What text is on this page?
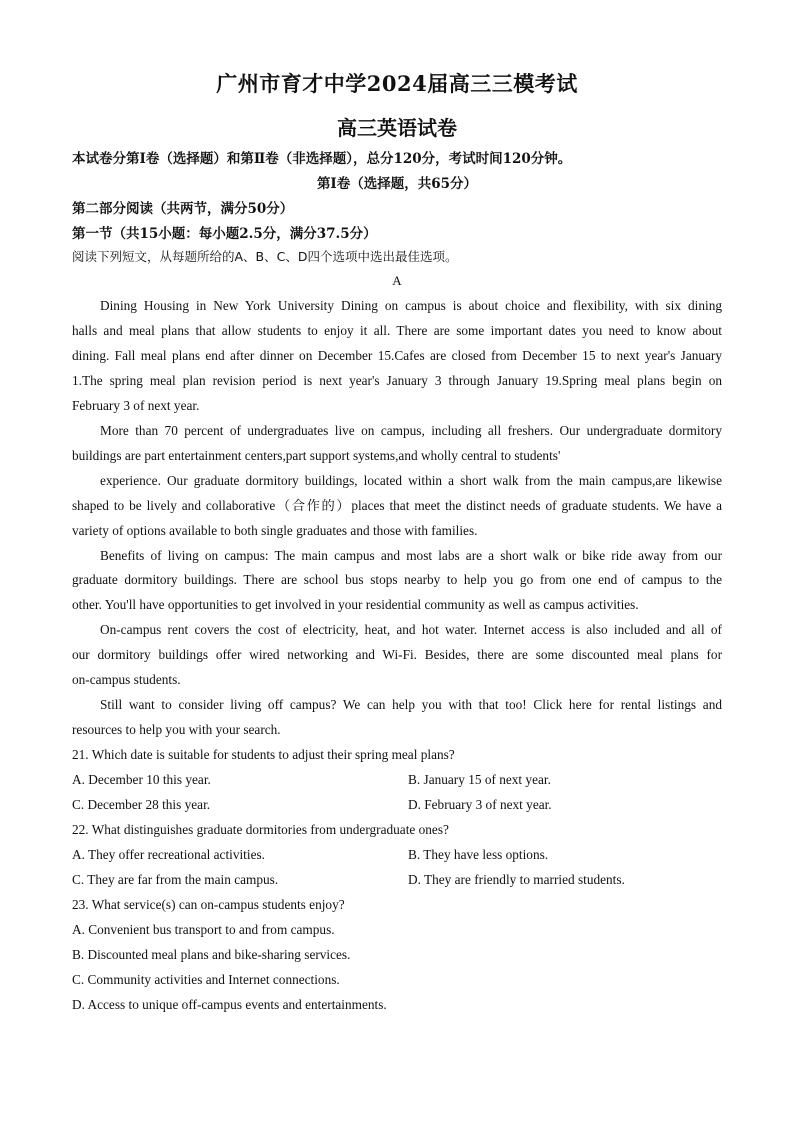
广州市育才中学2024届高三三模考试
高三英语试卷
本试卷分第Ⅰ卷（选择题）和第Ⅱ卷（非选择题），总分120分，考试时间120分钟。
第Ⅰ卷（选择题，共65分）
第二部分阅读（共两节，满分50分）
第一节（共15小题：每小题2.5分，满分37.5分）
阅读下列短文，从每题所给的A、B、C、D四个选项中选出最佳选项。
A
Dining Housing in New York University Dining on campus is about choice and flexibility, with six dining
halls and meal plans that allow students to enjoy it all. There are some important dates you need to know about
dining. Fall meal plans end after dinner on December 15.Cafes are closed from December 15 to next year's January
1.The spring meal plan revision period is next year's January 3 through January 19.Spring meal plans begin on
February 3 of next year.
More than 70 percent of undergraduates live on campus, including all freshers. Our undergraduate dormitory
buildings are part entertainment centers,part support systems,and wholly central to students'
experience. Our graduate dormitory buildings, located within a short walk from the main campus,are likewise
shaped to be lively and collaborative（合作的）places that meet the distinct needs of graduate students. We have a
variety of options available to both single graduates and those with families.
Benefits of living on campus: The main campus and most labs are a short walk or bike ride away from our
graduate dormitory buildings. There are school bus stops nearby to help you go from one end of campus to the
other. You'll have opportunities to get involved in your residential community as well as campus activities.
On-campus rent covers the cost of electricity, heat, and hot water. Internet access is also included and all of
our dormitory buildings offer wired networking and Wi-Fi. Besides, there are some discounted meal plans for
on-campus students.
Still want to consider living off campus? We can help you with that too! Click here for rental listings and
resources to help you with your search.
21. Which date is suitable for students to adjust their spring meal plans?
A. December 10 this year.	B. January 15 of next year.
C. December 28 this year.	D. February 3 of next year.
22. What distinguishes graduate dormitories from undergraduate ones?
A. They offer recreational activities.	B. They have less options.
C. They are far from the main campus.	D. They are friendly to married students.
23. What service(s) can on-campus students enjoy?
A. Convenient bus transport to and from campus.
B. Discounted meal plans and bike-sharing services.
C. Community activities and Internet connections.
D. Access to unique off-campus events and entertainments.
